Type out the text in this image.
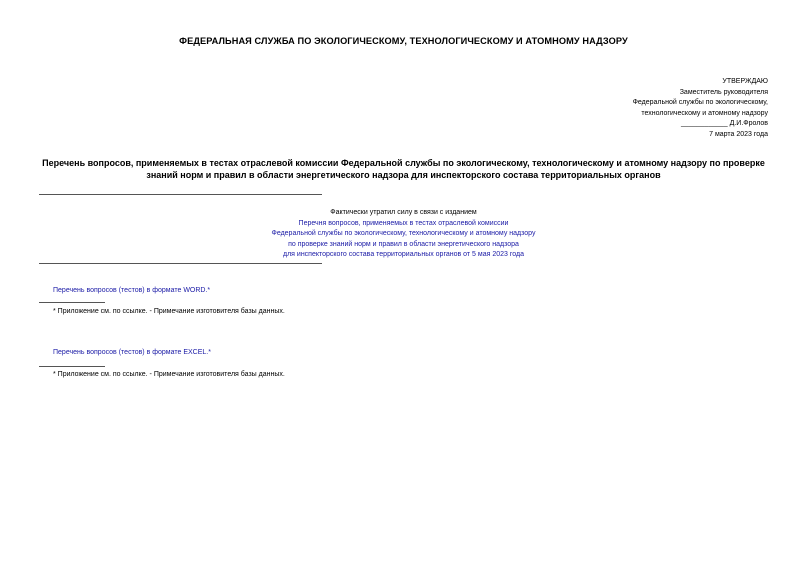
ФЕДЕРАЛЬНАЯ СЛУЖБА ПО ЭКОЛОГИЧЕСКОМУ, ТЕХНОЛОГИЧЕСКОМУ И АТОМНОМУ НАДЗОРУ
УТВЕРЖДАЮ
Заместитель руководителя
Федеральной службы по экологическому,
технологическому и атомному надзору
____________ Д.И.Фролов
7 марта 2023 года
Перечень вопросов, применяемых в тестах отраслевой комиссии Федеральной службы по экологическому, технологическому и атомному надзору по проверке
знаний норм и правил в области энергетического надзора для инспекторского состава территориальных органов
Фактически утратил силу в связи с изданием
Перечня вопросов, применяемых в тестах отраслевой комиссии
Федеральной службы по экологическому, технологическому и атомному надзору
по проверке знаний норм и правил в области энергетического надзора
для инспекторского состава территориальных органов от 5 мая 2023 года
Перечень вопросов (тестов) в формате WORD.*
* Приложение см. по ссылке. - Примечание изготовителя базы данных.
Перечень вопросов (тестов) в формате EXCEL.*
* Приложение см. по ссылке. - Примечание изготовителя базы данных.
